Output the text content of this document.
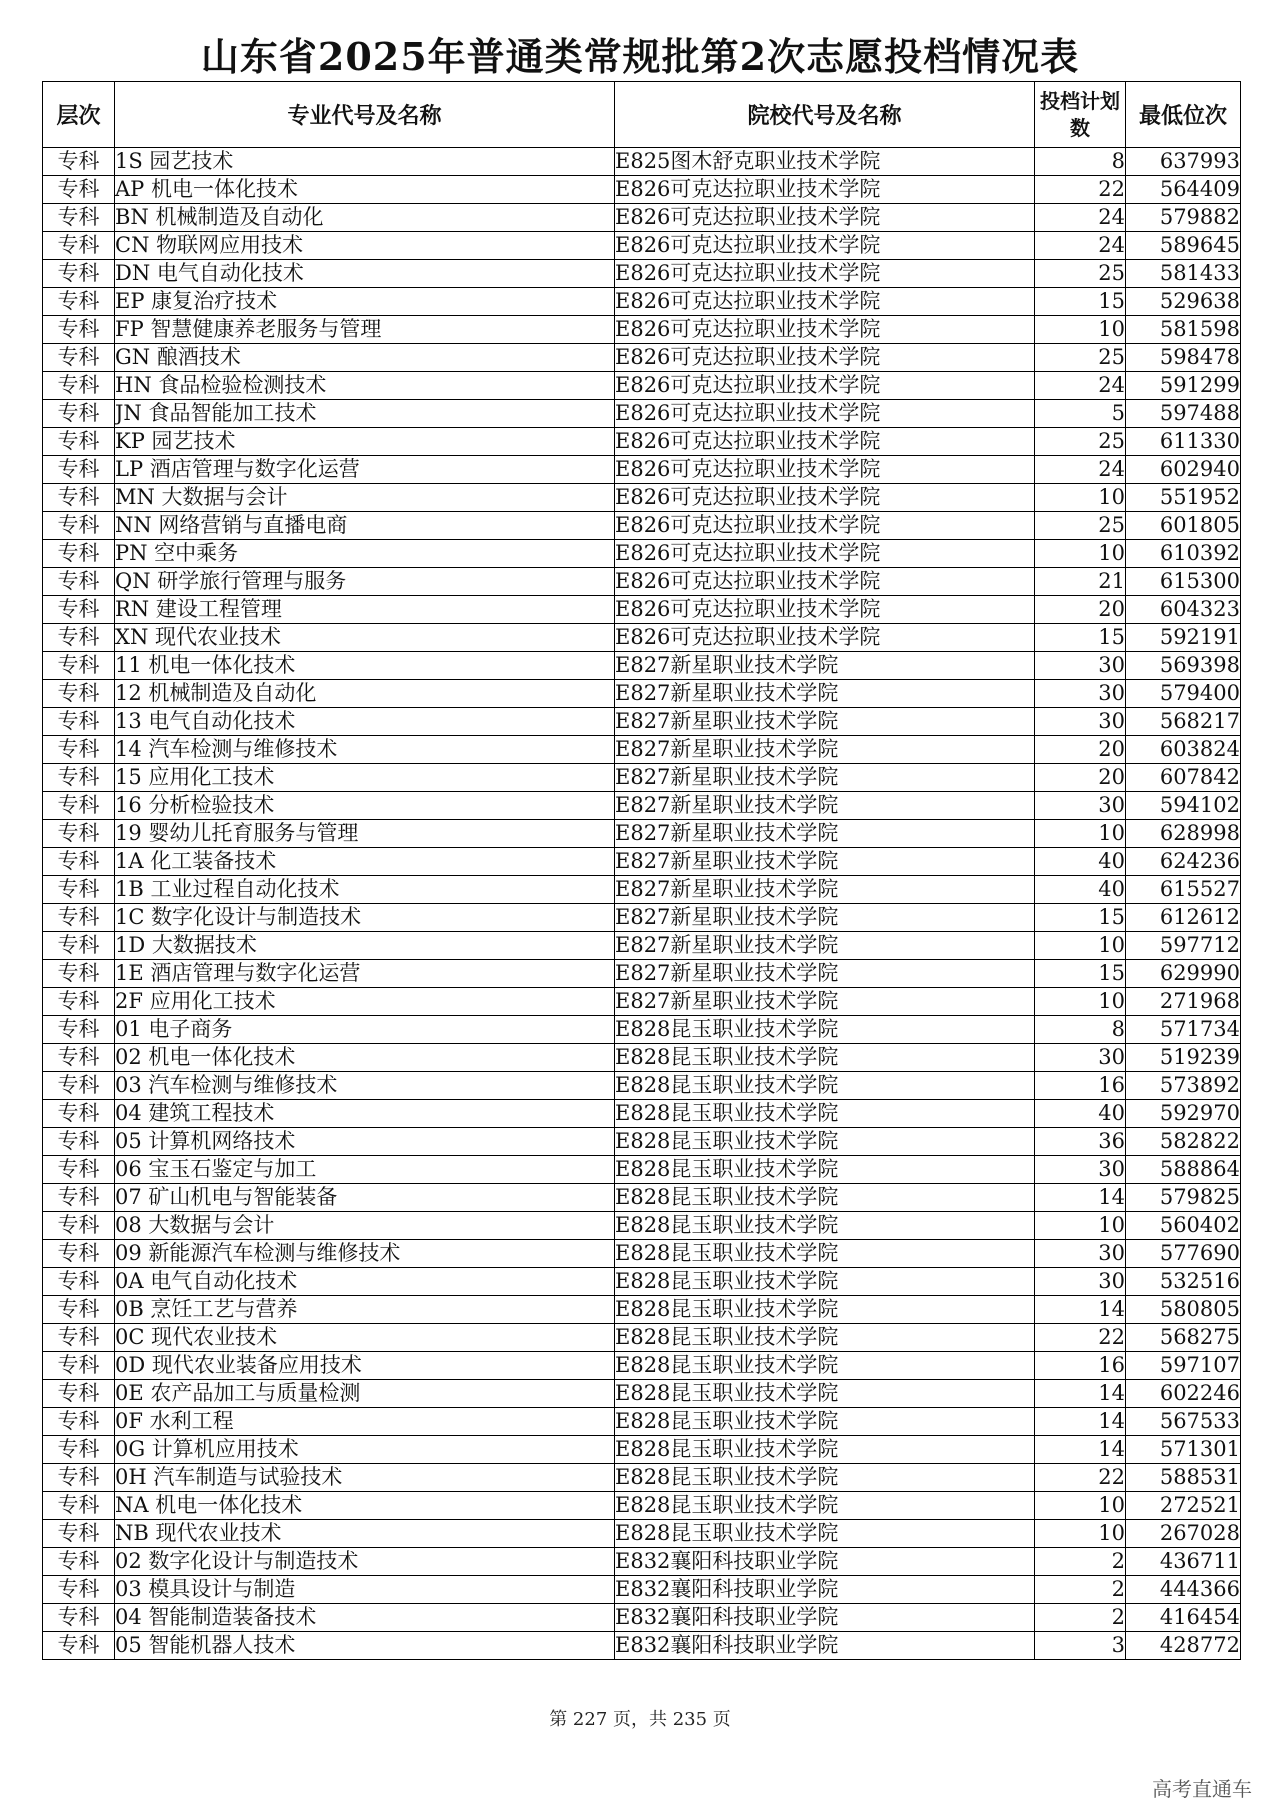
山东省2025年普通类常规批第2次志愿投档情况表
层次	专业代号及名称	院校代号及名称	投档计划数	最低位次
专科	1S 园艺技术	E825图木舒克职业技术学院	8	637993
专科	AP 机电一体化技术	E826可克达拉职业技术学院	22	564409
专科	BN 机械制造及自动化	E826可克达拉职业技术学院	24	579882
专科	CN 物联网应用技术	E826可克达拉职业技术学院	24	589645
专科	DN 电气自动化技术	E826可克达拉职业技术学院	25	581433
专科	EP 康复治疗技术	E826可克达拉职业技术学院	15	529638
专科	FP 智慧健康养老服务与管理	E826可克达拉职业技术学院	10	581598
专科	GN 酿酒技术	E826可克达拉职业技术学院	25	598478
专科	HN 食品检验检测技术	E826可克达拉职业技术学院	24	591299
专科	JN 食品智能加工技术	E826可克达拉职业技术学院	5	597488
专科	KP 园艺技术	E826可克达拉职业技术学院	25	611330
专科	LP 酒店管理与数字化运营	E826可克达拉职业技术学院	24	602940
专科	MN 大数据与会计	E826可克达拉职业技术学院	10	551952
专科	NN 网络营销与直播电商	E826可克达拉职业技术学院	25	601805
专科	PN 空中乘务	E826可克达拉职业技术学院	10	610392
专科	QN 研学旅行管理与服务	E826可克达拉职业技术学院	21	615300
专科	RN 建设工程管理	E826可克达拉职业技术学院	20	604323
专科	XN 现代农业技术	E826可克达拉职业技术学院	15	592191
专科	11 机电一体化技术	E827新星职业技术学院	30	569398
专科	12 机械制造及自动化	E827新星职业技术学院	30	579400
专科	13 电气自动化技术	E827新星职业技术学院	30	568217
专科	14 汽车检测与维修技术	E827新星职业技术学院	20	603824
专科	15 应用化工技术	E827新星职业技术学院	20	607842
专科	16 分析检验技术	E827新星职业技术学院	30	594102
专科	19 婴幼儿托育服务与管理	E827新星职业技术学院	10	628998
专科	1A 化工装备技术	E827新星职业技术学院	40	624236
专科	1B 工业过程自动化技术	E827新星职业技术学院	40	615527
专科	1C 数字化设计与制造技术	E827新星职业技术学院	15	612612
专科	1D 大数据技术	E827新星职业技术学院	10	597712
专科	1E 酒店管理与数字化运营	E827新星职业技术学院	15	629990
专科	2F 应用化工技术	E827新星职业技术学院	10	271968
专科	01 电子商务	E828昆玉职业技术学院	8	571734
专科	02 机电一体化技术	E828昆玉职业技术学院	30	519239
专科	03 汽车检测与维修技术	E828昆玉职业技术学院	16	573892
专科	04 建筑工程技术	E828昆玉职业技术学院	40	592970
专科	05 计算机网络技术	E828昆玉职业技术学院	36	582822
专科	06 宝玉石鉴定与加工	E828昆玉职业技术学院	30	588864
专科	07 矿山机电与智能装备	E828昆玉职业技术学院	14	579825
专科	08 大数据与会计	E828昆玉职业技术学院	10	560402
专科	09 新能源汽车检测与维修技术	E828昆玉职业技术学院	30	577690
专科	0A 电气自动化技术	E828昆玉职业技术学院	30	532516
专科	0B 烹饪工艺与营养	E828昆玉职业技术学院	14	580805
专科	0C 现代农业技术	E828昆玉职业技术学院	22	568275
专科	0D 现代农业装备应用技术	E828昆玉职业技术学院	16	597107
专科	0E 农产品加工与质量检测	E828昆玉职业技术学院	14	602246
专科	0F 水利工程	E828昆玉职业技术学院	14	567533
专科	0G 计算机应用技术	E828昆玉职业技术学院	14	571301
专科	0H 汽车制造与试验技术	E828昆玉职业技术学院	22	588531
专科	NA 机电一体化技术	E828昆玉职业技术学院	10	272521
专科	NB 现代农业技术	E828昆玉职业技术学院	10	267028
专科	02 数字化设计与制造技术	E832襄阳科技职业学院	2	436711
专科	03 模具设计与制造	E832襄阳科技职业学院	2	444366
专科	04 智能制造装备技术	E832襄阳科技职业学院	2	416454
专科	05 智能机器人技术	E832襄阳科技职业学院	3	428772
第 227 页，共 235 页
高考直通车
